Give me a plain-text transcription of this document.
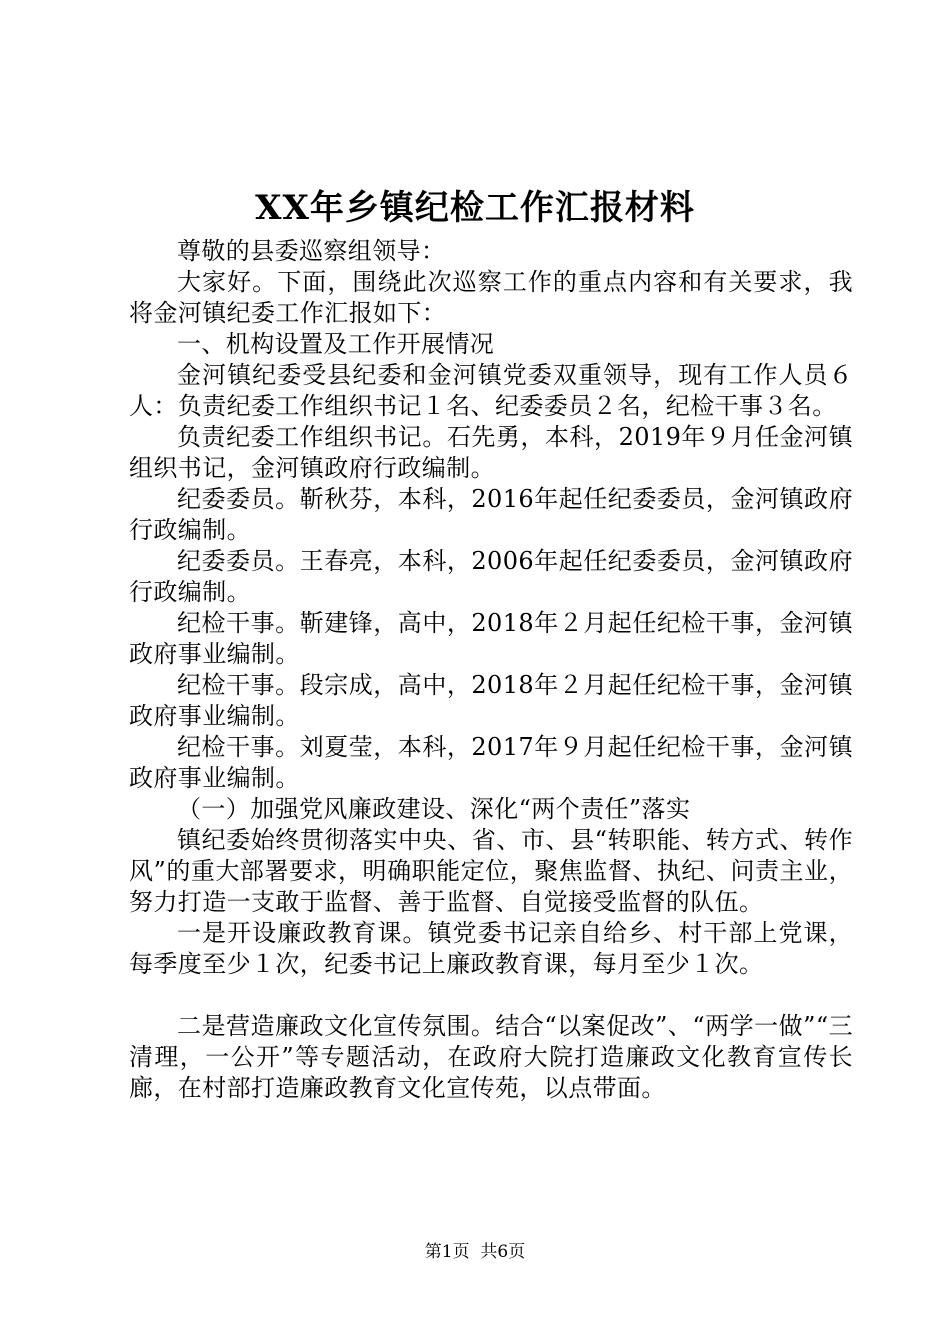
XX年乡镇纪检工作汇报材料

尊敬的县委巡察组领导：

大家好。下面，围绕此次巡察工作的重点内容和有关要求，我将金河镇纪委工作汇报如下：

一、机构设置及工作开展情况

金河镇纪委受县纪委和金河镇党委双重领导，现有工作人员６人：负责纪委工作组织书记１名、纪委委员２名，纪检干事３名。

负责纪委工作组织书记。石先勇，本科，2019年９月任金河镇组织书记，金河镇政府行政编制。

纪委委员。靳秋芬，本科，2016年起任纪委委员，金河镇政府行政编制。

纪委委员。王春亮，本科，2006年起任纪委委员，金河镇政府行政编制。

纪检干事。靳建锋，高中，2018年２月起任纪检干事，金河镇政府事业编制。

纪检干事。段宗成，高中，2018年２月起任纪检干事，金河镇政府事业编制。

纪检干事。刘夏莹，本科，2017年９月起任纪检干事，金河镇政府事业编制。

（一）加强党风廉政建设、深化“两个责任”落实

镇纪委始终贯彻落实中央、省、市、县“转职能、转方式、转作风”的重大部署要求，明确职能定位，聚焦监督、执纪、问责主业，努力打造一支敢于监督、善于监督、自觉接受监督的队伍。

一是开设廉政教育课。镇党委书记亲自给乡、村干部上党课，每季度至少１次，纪委书记上廉政教育课，每月至少１次。

二是营造廉政文化宣传氛围。结合“以案促改”、“两学一做”“三清理，一公开”等专题活动，在政府大院打造廉政文化教育宣传长廊，在村部打造廉政教育文化宣传苑，以点带面。

第1页 共6页
